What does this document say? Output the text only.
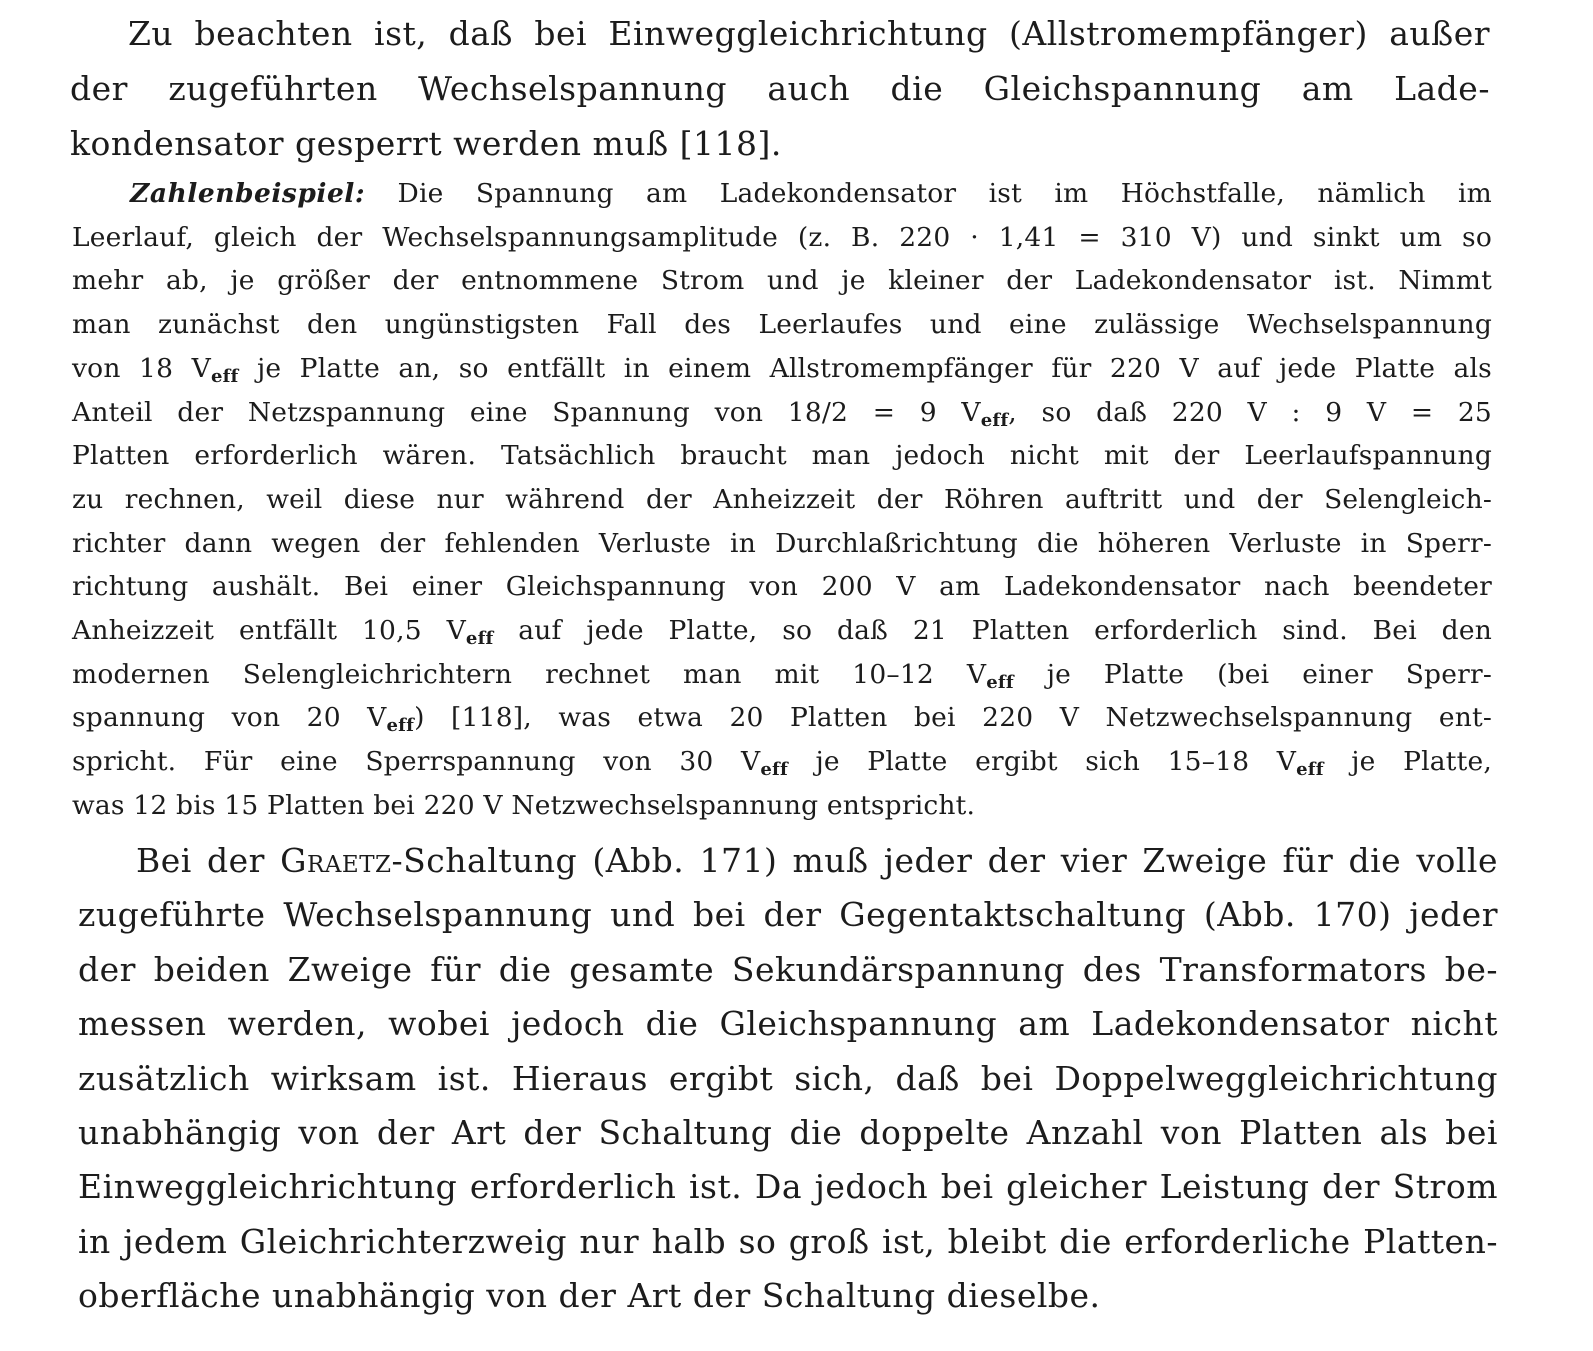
Zu beachten ist, daß bei Einweggleichrichtung (Allstromempfänger) außer
der zugeführten Wechselspannung auch die Gleichspannung am Lade-
kondensator gesperrt werden muß [118].
Zahlenbeispiel: Die Spannung am Ladekondensator ist im Höchstfalle, nämlich im
Leerlauf, gleich der Wechselspannungsamplitude (z. B. 220 · 1,41 = 310 V) und sinkt um so
mehr ab, je größer der entnommene Strom und je kleiner der Ladekondensator ist. Nimmt
man zunächst den ungünstigsten Fall des Leerlaufes und eine zulässige Wechselspannung
von 18 $V_{eff}$ je Platte an, so entfällt in einem Allstromempfänger für 220 V auf jede Platte als
Anteil der Netzspannung eine Spannung von 18/2 = 9 $V_{eff}$, so daß 220 V : 9 V = 25
Platten erforderlich wären. Tatsächlich braucht man jedoch nicht mit der Leerlaufspannung
zu rechnen, weil diese nur während der Anheizzeit der Röhren auftritt und der Selengleich-
richter dann wegen der fehlenden Verluste in Durchlaßrichtung die höheren Verluste in Sperr-
richtung aushält. Bei einer Gleichspannung von 200 V am Ladekondensator nach beendeter
Anheizzeit entfällt 10,5 $V_{eff}$ auf jede Platte, so daß 21 Platten erforderlich sind. Bei den
modernen Selengleichrichtern rechnet man mit 10–12 $V_{eff}$ je Platte (bei einer Sperr-
spannung von 20 $V_{eff}$) [118], was etwa 20 Platten bei 220 V Netzwechselspannung ent-
spricht. Für eine Sperrspannung von 30 $V_{eff}$ je Platte ergibt sich 15–18 $V_{eff}$ je Platte,
was 12 bis 15 Platten bei 220 V Netzwechselspannung entspricht.
Bei der Graetz-Schaltung (Abb. 171) muß jeder der vier Zweige für die volle
zugeführte Wechselspannung und bei der Gegentaktschaltung (Abb. 170) jeder
der beiden Zweige für die gesamte Sekundärspannung des Transformators be-
messen werden, wobei jedoch die Gleichspannung am Ladekondensator nicht
zusätzlich wirksam ist. Hieraus ergibt sich, daß bei Doppelweggleichrichtung
unabhängig von der Art der Schaltung die doppelte Anzahl von Platten als bei
Einweggleichrichtung erforderlich ist. Da jedoch bei gleicher Leistung der Strom
in jedem Gleichrichterzweig nur halb so groß ist, bleibt die erforderliche Platten-
oberfläche unabhängig von der Art der Schaltung dieselbe.
